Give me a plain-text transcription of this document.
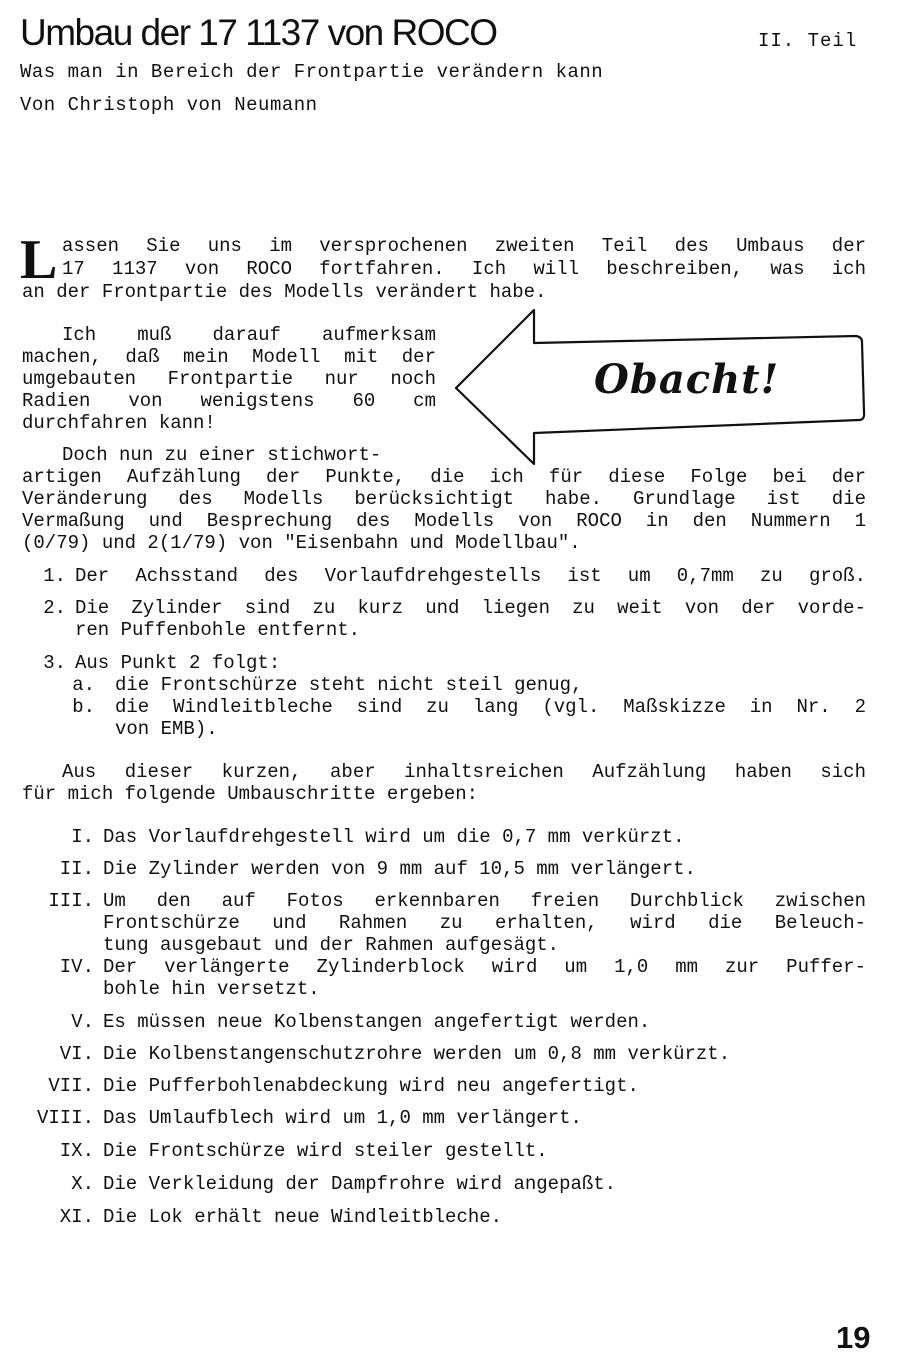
Umbau der 17 1137 von ROCO	II. Teil
Was man in Bereich der Frontpartie verändern kann
Von Christoph von Neumann
L assen Sie uns im versprochenen zweiten Teil des Umbaus der
17 1137 von ROCO fortfahren. Ich will beschreiben, was ich
an der Frontpartie des Modells verändert habe.
Ich muß darauf aufmerksam
machen, daß mein Modell mit der
umgebauten Frontpartie nur noch
Radien von wenigstens 60 cm
durchfahren kann!
Obacht!
Doch nun zu einer stichwort-
artigen Aufzählung der Punkte, die ich für diese Folge bei der
Veränderung des Modells berücksichtigt habe. Grundlage ist die
Vermaßung und Besprechung des Modells von ROCO in den Nummern 1
(0/79) und 2(1/79) von "Eisenbahn und Modellbau".
1. Der Achsstand des Vorlaufdrehgestells ist um 0,7mm zu groß.
2. Die Zylinder sind zu kurz und liegen zu weit von der vorde-
ren Puffenbohle entfernt.
3. Aus Punkt 2 folgt:
a. die Frontschürze steht nicht steil genug,
b. die Windleitbleche sind zu lang (vgl. Maßskizze in Nr. 2
von EMB).
Aus dieser kurzen, aber inhaltsreichen Aufzählung haben sich
für mich folgende Umbauschritte ergeben:
I. Das Vorlaufdrehgestell wird um die 0,7 mm verkürzt.
II. Die Zylinder werden von 9 mm auf 10,5 mm verlängert.
III. Um den auf Fotos erkennbaren freien Durchblick zwischen
Frontschürze und Rahmen zu erhalten, wird die Beleuch-
tung ausgebaut und der Rahmen aufgesägt.
IV. Der verlängerte Zylinderblock wird um 1,0 mm zur Puffer-
bohle hin versetzt.
V. Es müssen neue Kolbenstangen angefertigt werden.
VI. Die Kolbenstangenschutzrohre werden um 0,8 mm verkürzt.
VII. Die Pufferbohlenabdeckung wird neu angefertigt.
VIII. Das Umlaufblech wird um 1,0 mm verlängert.
IX. Die Frontschürze wird steiler gestellt.
X. Die Verkleidung der Dampfrohre wird angepaßt.
XI. Die Lok erhält neue Windleitbleche.
19
